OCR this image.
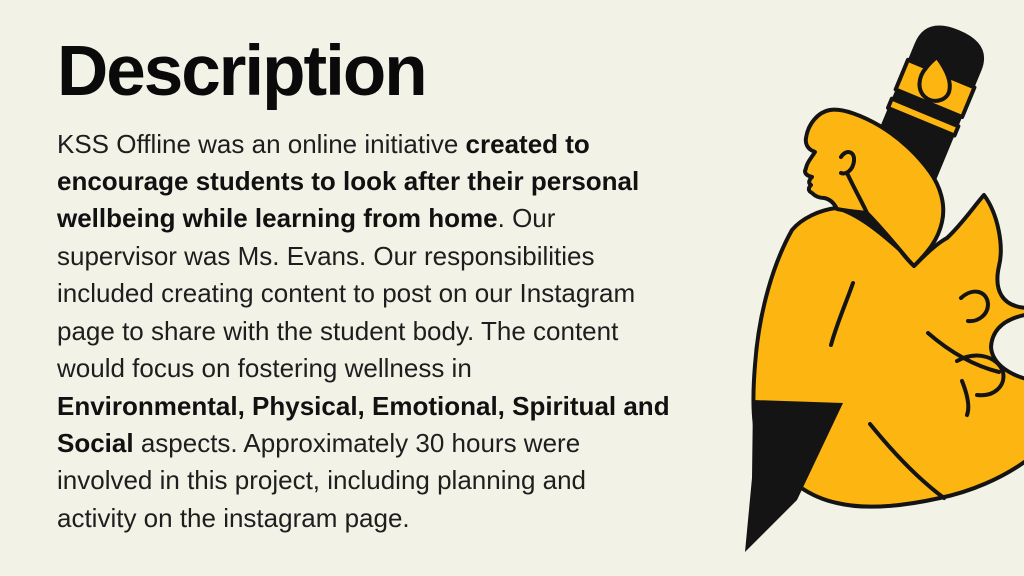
Description
KSS Offline was an online initiative created to
encourage students to look after their personal
wellbeing while learning from home. Our
supervisor was Ms. Evans. Our responsibilities
included creating content to post on our Instagram
page to share with the student body. The content
would focus on fostering wellness in
Environmental, Physical, Emotional, Spiritual and
Social aspects. Approximately 30 hours were
involved in this project, including planning and
activity on the instagram page.
